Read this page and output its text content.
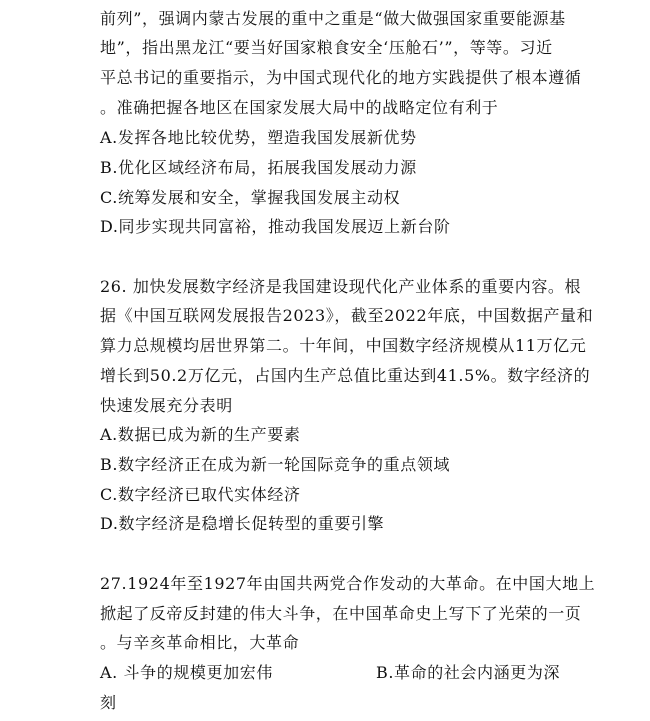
前列”，强调内蒙古发展的重中之重是“做大做强国家重要能源基
地”，指出黑龙江“要当好国家粮食安全‘压舱石’”，等等。习近
平总书记的重要指示，为中国式现代化的地方实践提供了根本遵循
。准确把握各地区在国家发展大局中的战略定位有利于
A.发挥各地比较优势，塑造我国发展新优势
B.优化区域经济布局，拓展我国发展动力源
C.统筹发展和安全，掌握我国发展主动权
D.同步实现共同富裕，推动我国发展迈上新台阶
26. 加快发展数字经济是我国建设现代化产业体系的重要内容。根
据《中国互联网发展报告2023》，截至2022年底，中国数据产量和
算力总规模均居世界第二。十年间，中国数字经济规模从11万亿元
增长到50.2万亿元，占国内生产总值比重达到41.5%。数字经济的
快速发展充分表明
A.数据已成为新的生产要素
B.数字经济正在成为新一轮国际竞争的重点领域
C.数字经济已取代实体经济
D.数字经济是稳增长促转型的重要引擎
27.1924年至1927年由国共两党合作发动的大革命。在中国大地上
掀起了反帝反封建的伟大斗争，在中国革命史上写下了光荣的一页
。与辛亥革命相比，大革命
A. 斗争的规模更加宏伟	B.革命的社会内涵更为深
刻
